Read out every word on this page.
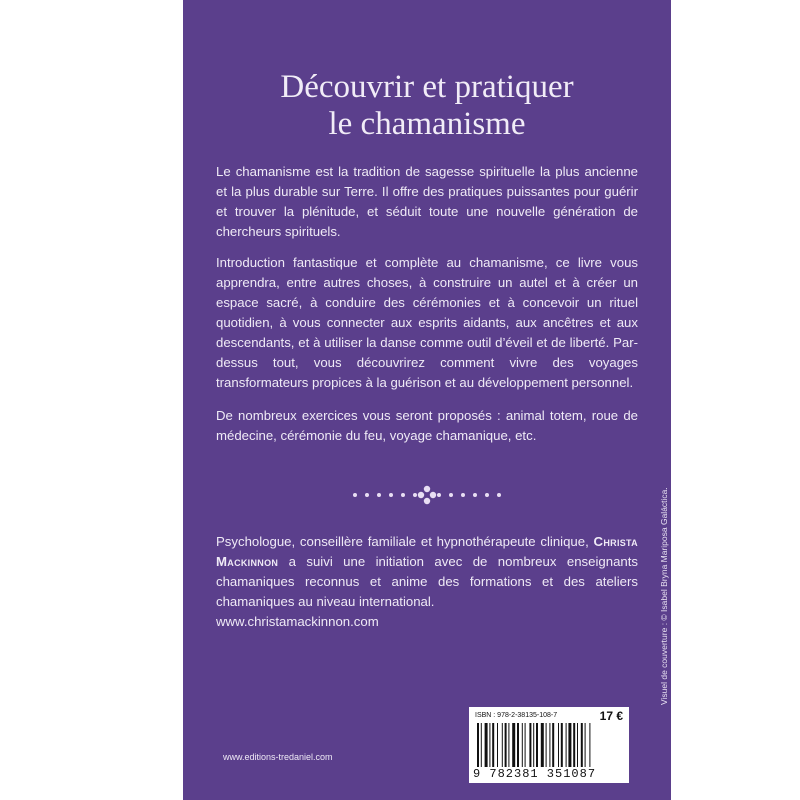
Découvrir et pratiquer
le chamanisme

Le chamanisme est la tradition de sagesse spirituelle la plus ancienne et la plus durable sur Terre. Il offre des pratiques puissantes pour guérir et trouver la plénitude, et séduit toute une nouvelle génération de chercheurs spirituels.

Introduction fantastique et complète au chamanisme, ce livre vous apprendra, entre autres choses, à construire un autel et à créer un espace sacré, à conduire des cérémonies et à concevoir un rituel quotidien, à vous connecter aux esprits aidants, aux ancêtres et aux descendants, et à utiliser la danse comme outil d’éveil et de liberté. Par-dessus tout, vous découvrirez comment vivre des voyages transformateurs propices à la guérison et au développement personnel.

De nombreux exercices vous seront proposés : animal totem, roue de médecine, cérémonie du feu, voyage chamanique, etc.

Psychologue, conseillère familiale et hypnothérapeute clinique, Christa Mackinnon a suivi une initiation avec de nombreux enseignants chamaniques reconnus et anime des formations et des ateliers chamaniques au niveau international.
www.christamackinnon.com

www.editions-tredaniel.com
Visuel de couverture : © Isabel Bryna Mariposa Galáctica.
ISBN : 978-2-38135-108-7	17 €
9 782381 351087
